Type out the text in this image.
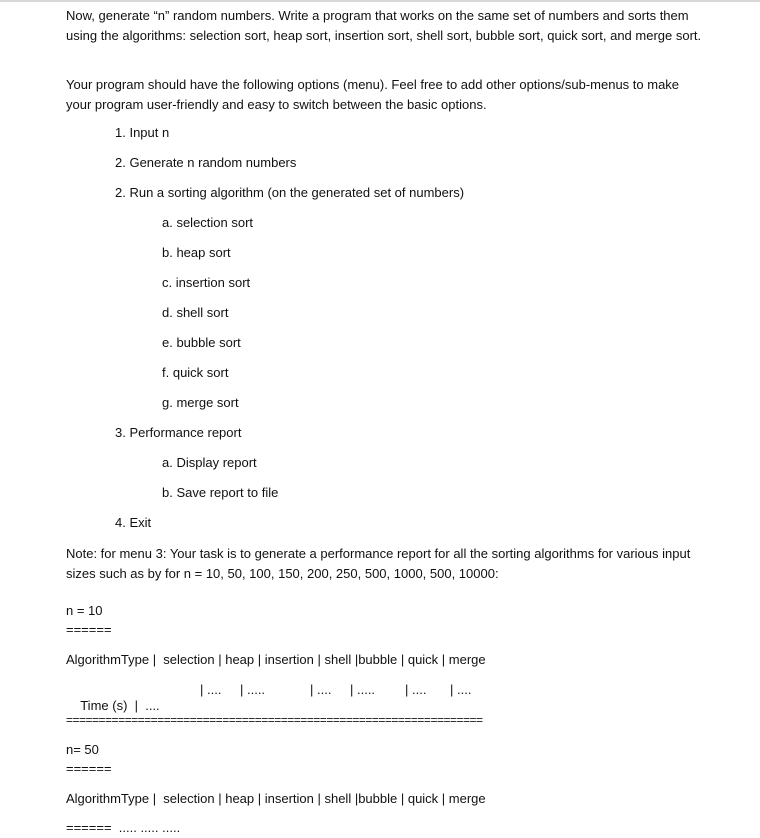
Now, generate “n” random numbers. Write a program that works on the same set of numbers and sorts them using the algorithms: selection sort, heap sort, insertion sort, shell sort, bubble sort, quick sort, and merge sort.

Your program should have the following options (menu). Feel free to add other options/sub-menus to make your program user-friendly and easy to switch between the basic options.

1. Input n
2. Generate n random numbers
2. Run a sorting algorithm (on the generated set of numbers)
a. selection sort
b. heap sort
c. insertion sort
d. shell sort
e. bubble sort
f. quick sort
g. merge sort
3. Performance report
a. Display report
b. Save report to file
4. Exit

Note: for menu 3: Your task is to generate a performance report for all the sorting algorithms for various input sizes such as by for n = 10, 50, 100, 150, 200, 250, 500, 1000, 500, 10000:

n = 10
======
AlgorithmType |  selection | heap | insertion | shell |bubble | quick | merge

Time (s)  |  ....

| .... | .....	| .... | ..... | .... | ....
================================================================
n= 50
======
AlgorithmType |  selection | heap | insertion | shell |bubble | quick | merge
======  ..... ..... .....
